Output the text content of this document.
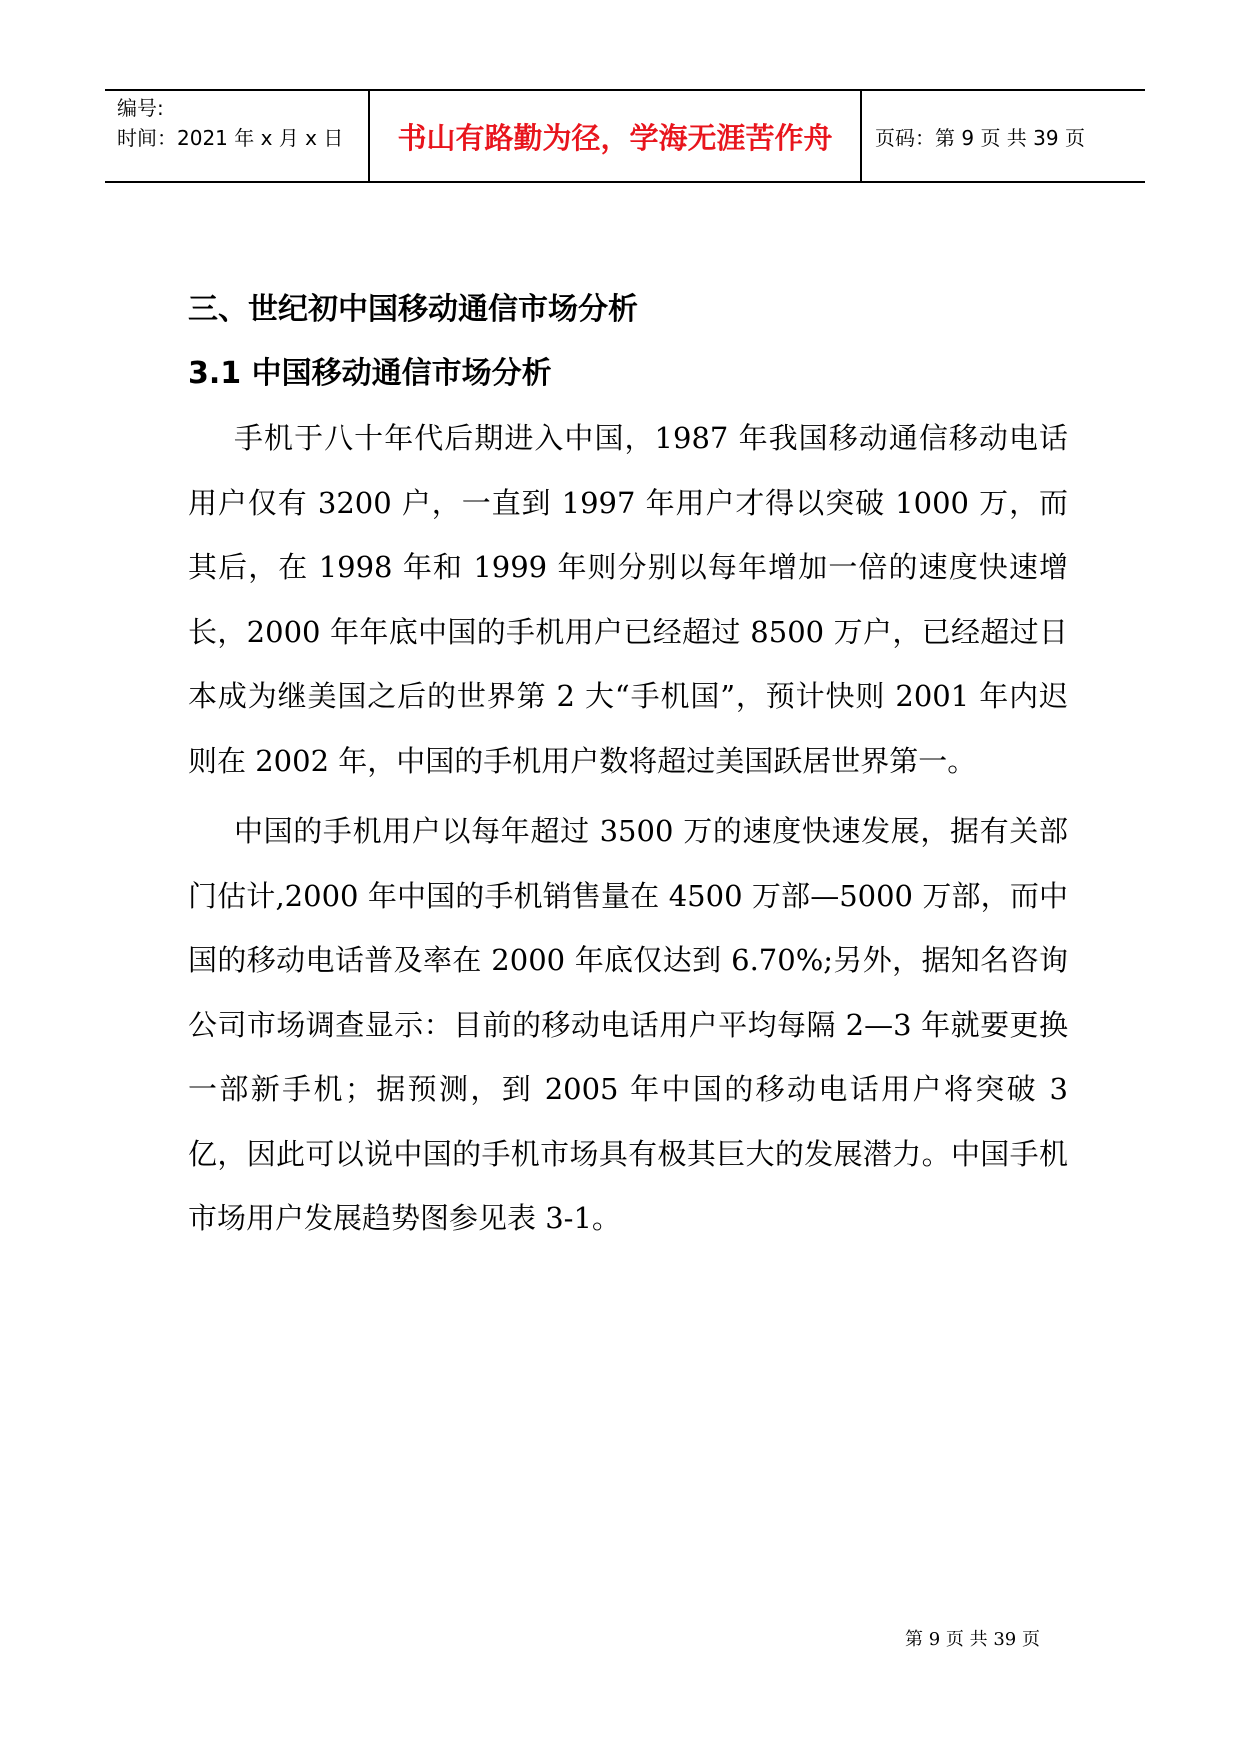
编号:
时间：2021 年 x 月 x 日	书山有路勤为径，学海无涯苦作舟	页码：第 9 页 共 39 页
三、世纪初中国移动通信市场分析
3.1 中国移动通信市场分析

手机于八十年代后期进入中国，1987 年我国移动通信移动电话用户仅有 3200 户，一直到 1997 年用户才得以突破 1000 万，而其后，在 1998 年和 1999 年则分别以每年增加一倍的速度快速增长，2000 年年底中国的手机用户已经超过 8500 万户，已经超过日本成为继美国之后的世界第 2 大“手机国”，预计快则 2001 年内迟则在 2002 年，中国的手机用户数将超过美国跃居世界第一。

中国的手机用户以每年超过 3500 万的速度快速发展，据有关部门估计,2000 年中国的手机销售量在 4500 万部—5000 万部，而中国的移动电话普及率在 2000 年底仅达到 6.70%;另外，据知名咨询公司市场调查显示：目前的移动电话用户平均每隔 2—3 年就要更换一部新手机；据预测，到 2005 年中国的移动电话用户将突破 3 亿，因此可以说中国的手机市场具有极其巨大的发展潜力。中国手机市场用户发展趋势图参见表 3-1。

第 9 页 共 39 页
